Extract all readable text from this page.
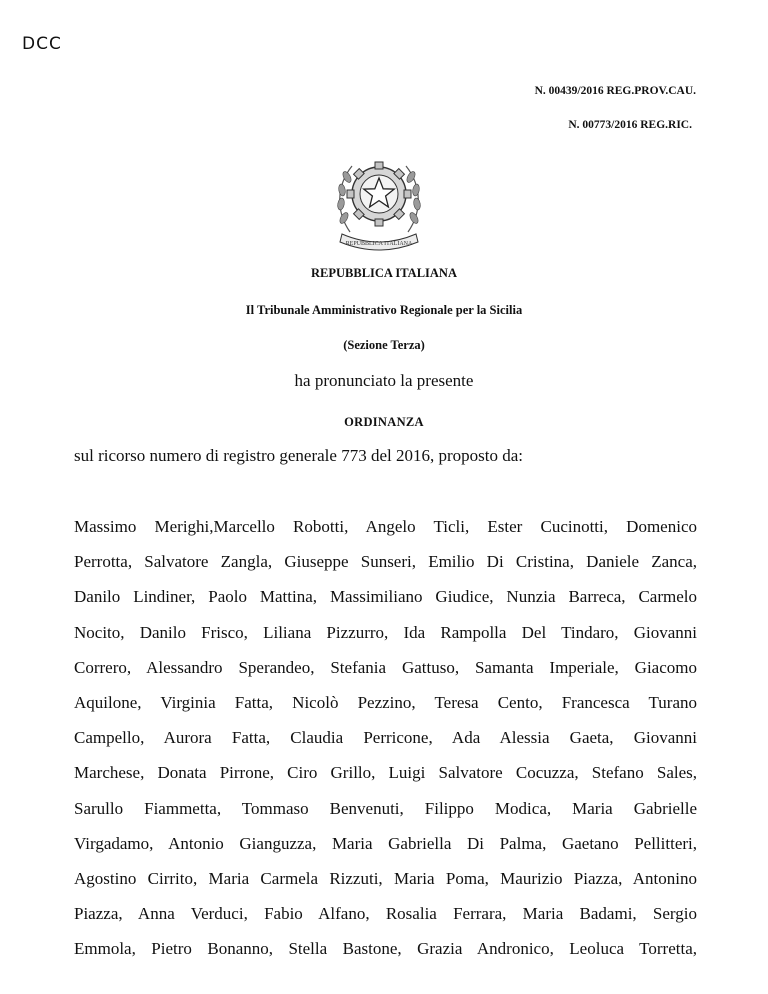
DCC
N. 00439/2016 REG.PROV.CAU.
N. 00773/2016 REG.RIC.
REPUBBLICA ITALIANA
REPUBBLICA ITALIANA
Il Tribunale Amministrativo Regionale per la Sicilia
(Sezione Terza)
ha pronunciato la presente
ORDINANZA
sul ricorso numero di registro generale 773 del 2016, proposto da:
Massimo Merighi,Marcello Robotti, Angelo Ticli, Ester Cucinotti, Domenico
Perrotta, Salvatore Zangla, Giuseppe Sunseri, Emilio Di Cristina, Daniele Zanca,
Danilo Lindiner, Paolo Mattina, Massimiliano Giudice, Nunzia Barreca, Carmelo
Nocito, Danilo Frisco, Liliana Pizzurro, Ida Rampolla Del Tindaro, Giovanni
Correro, Alessandro Sperandeo, Stefania Gattuso, Samanta Imperiale, Giacomo
Aquilone, Virginia Fatta, Nicolò Pezzino, Teresa Cento, Francesca Turano
Campello, Aurora Fatta, Claudia Perricone, Ada Alessia Gaeta, Giovanni
Marchese, Donata Pirrone, Ciro Grillo, Luigi Salvatore Cocuzza, Stefano Sales,
Sarullo Fiammetta, Tommaso Benvenuti, Filippo Modica, Maria Gabrielle
Virgadamo, Antonio Gianguzza, Maria Gabriella Di Palma, Gaetano Pellitteri,
Agostino Cirrito, Maria Carmela Rizzuti, Maria Poma, Maurizio Piazza, Antonino
Piazza, Anna Verduci, Fabio Alfano, Rosalia Ferrara, Maria Badami, Sergio
Emmola, Pietro Bonanno, Stella Bastone, Grazia Andronico, Leoluca Torretta,
